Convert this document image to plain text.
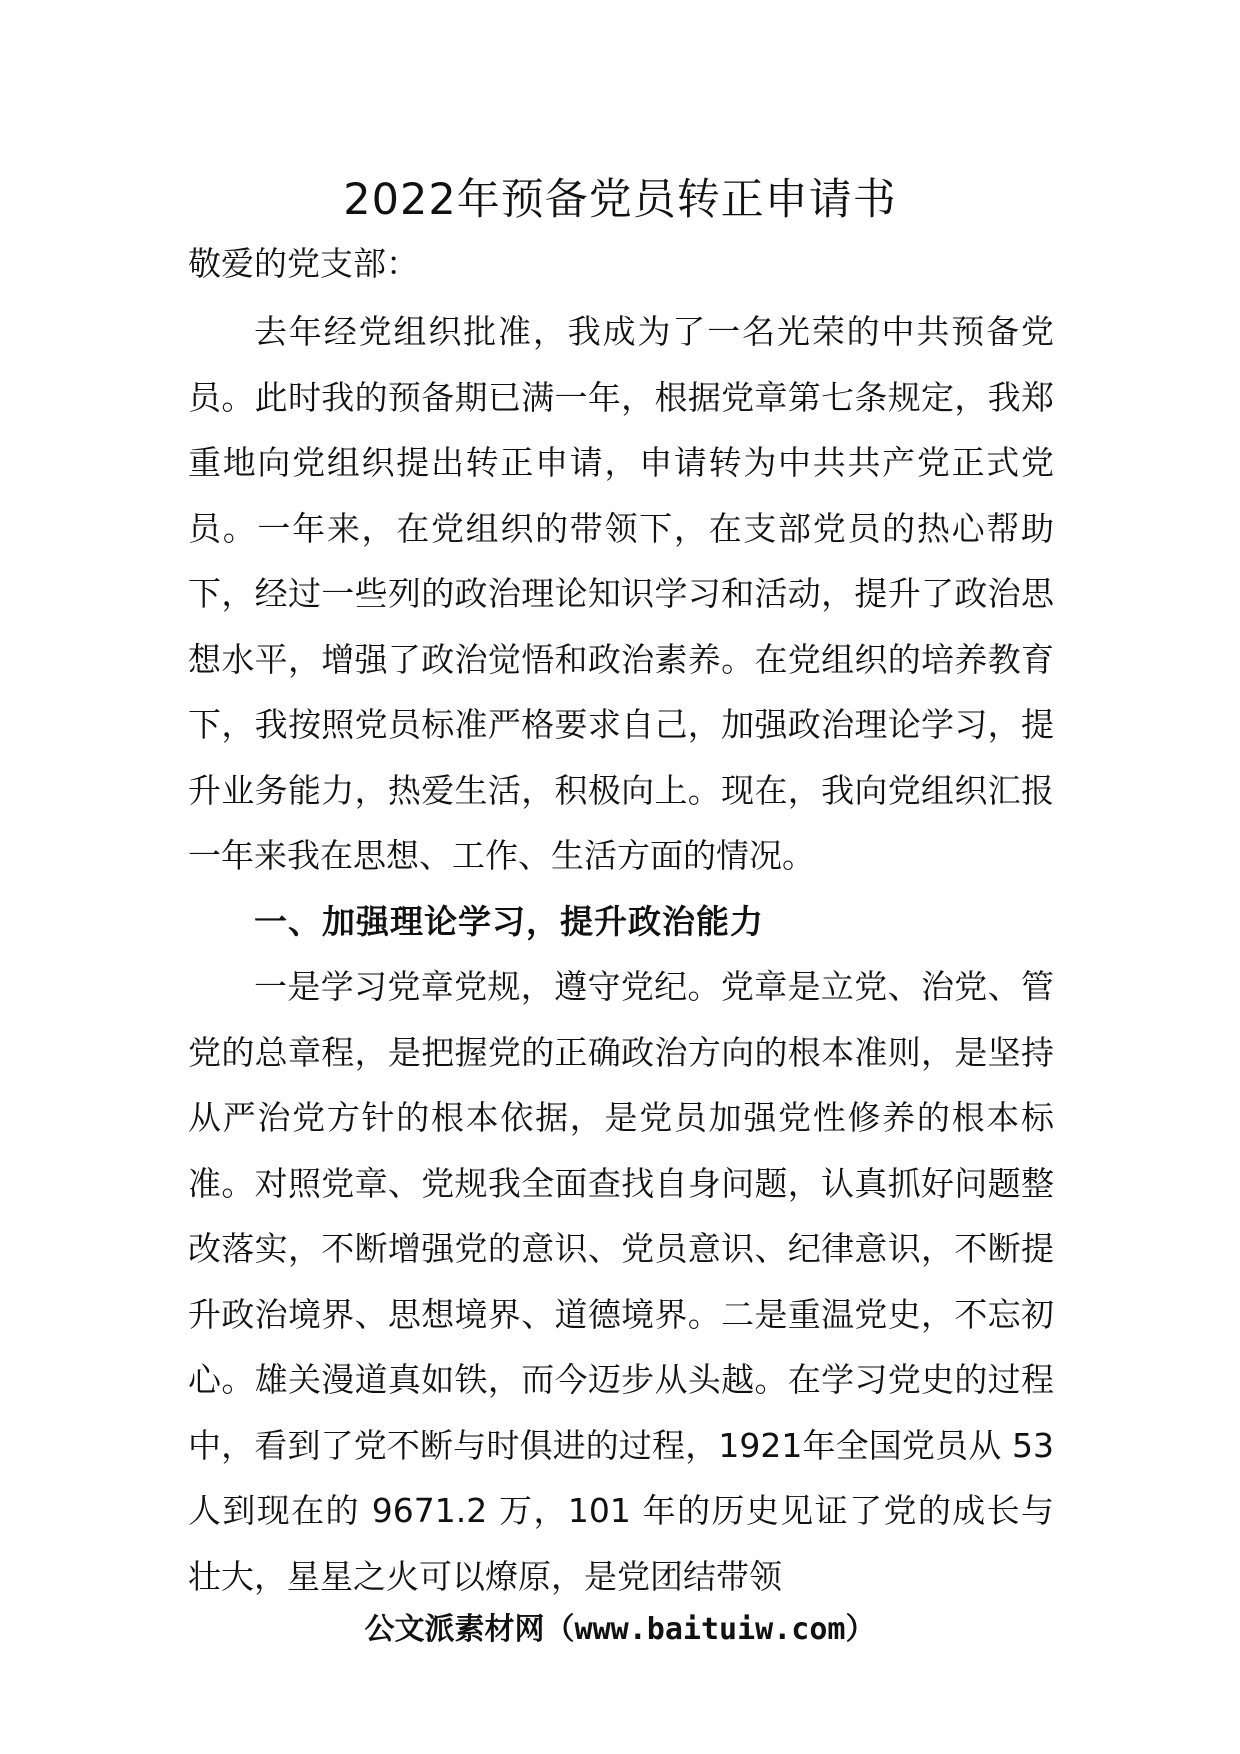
2022年预备党员转正申请书
敬爱的党支部：

去年经党组织批准，我成为了一名光荣的中共预备党员。此时我的预备期已满一年，根据党章第七条规定，我郑重地向党组织提出转正申请，申请转为中共共产党正式党员。一年来，在党组织的带领下，在支部党员的热心帮助下，经过一些列的政治理论知识学习和活动，提升了政治思想水平，增强了政治觉悟和政治素养。在党组织的培养教育下，我按照党员标准严格要求自己，加强政治理论学习，提升业务能力，热爱生活，积极向上。现在，我向党组织汇报一年来我在思想、工作、生活方面的情况。

一、加强理论学习，提升政治能力

一是学习党章党规，遵守党纪。党章是立党、治党、管党的总章程，是把握党的正确政治方向的根本准则，是坚持从严治党方针的根本依据，是党员加强党性修养的根本标准。对照党章、党规我全面查找自身问题，认真抓好问题整改落实，不断增强党的意识、党员意识、纪律意识，不断提升政治境界、思想境界、道德境界。二是重温党史，不忘初心。雄关漫道真如铁，而今迈步从头越。在学习党史的过程中，看到了党不断与时俱进的过程，1921年全国党员从 53 人到现在的 9671.2 万，101 年的历史见证了党的成长与壮大，星星之火可以燎原，是党团结带领

公文派素材网（www.baituiw.com）
